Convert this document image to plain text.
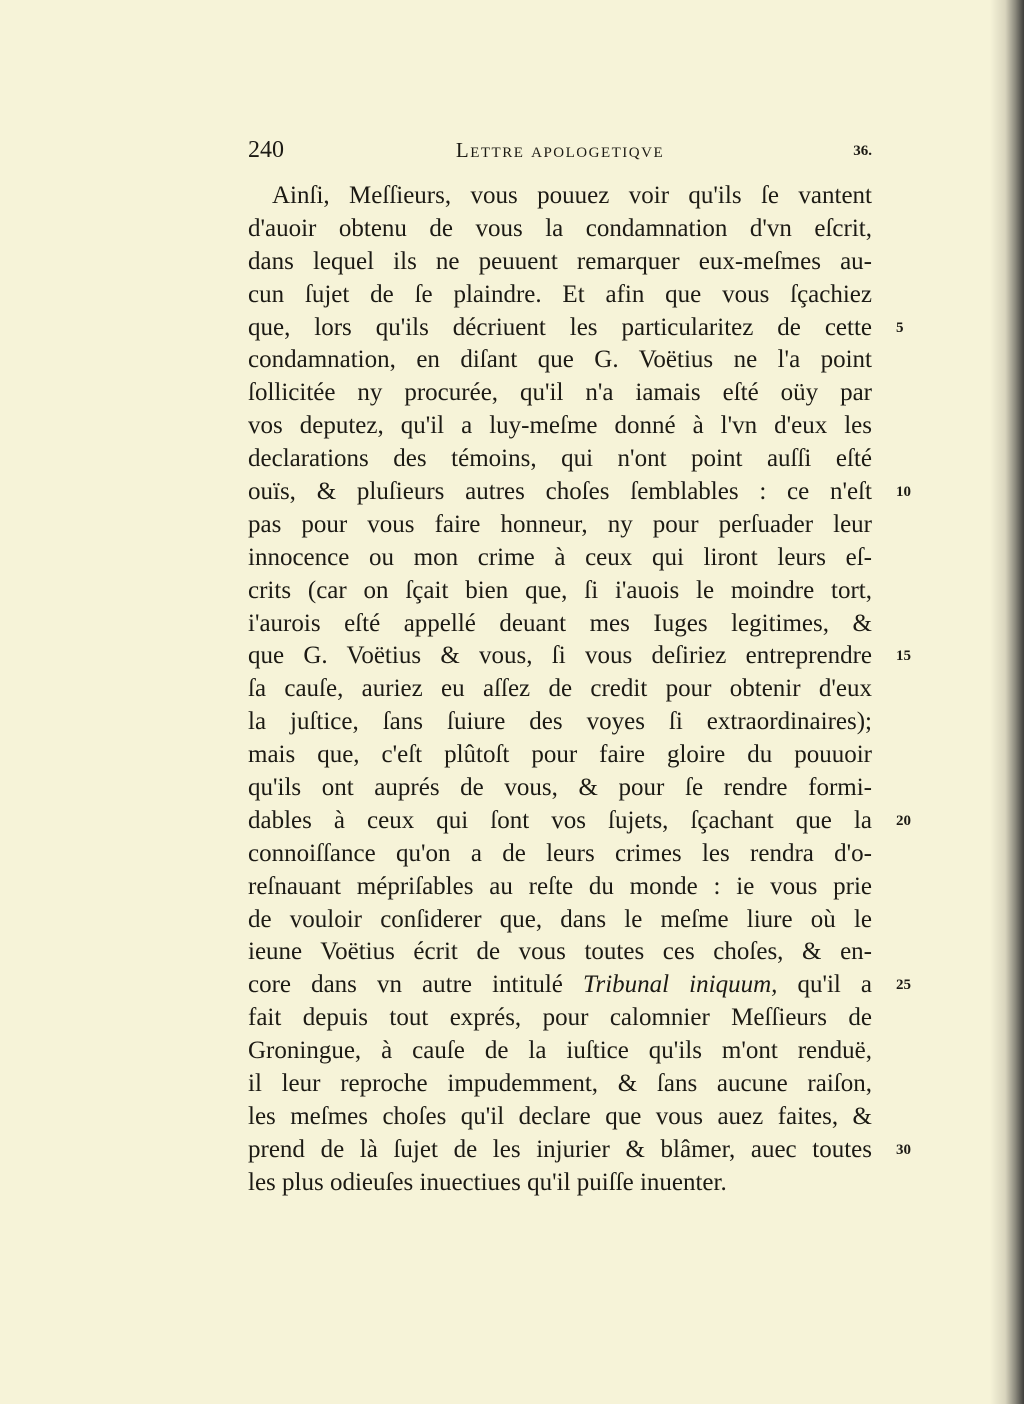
240	Lettre apologetiqve	36.
Ainſi, Meſſieurs, vous pouuez voir qu'ils ſe vantent
d'auoir obtenu de vous la condamnation d'vn eſcrit,
dans lequel ils ne peuuent remarquer eux-meſmes au-
cun ſujet de ſe plaindre. Et afin que vous ſçachiez
que, lors qu'ils décriuent les particularitez de cette 5
condamnation, en diſant que G. Voëtius ne l'a point
ſollicitée ny procurée, qu'il n'a iamais eſté oüy par
vos deputez, qu'il a luy-meſme donné à l'vn d'eux les
declarations des témoins, qui n'ont point auſſi eſté
ouïs, & pluſieurs autres choſes ſemblables : ce n'eſt 10
pas pour vous faire honneur, ny pour perſuader leur
innocence ou mon crime à ceux qui liront leurs eſ-
crits (car on ſçait bien que, ſi i'auois le moindre tort,
i'aurois eſté appellé deuant mes Iuges legitimes, &
que G. Voëtius & vous, ſi vous deſiriez entreprendre 15
ſa cauſe, auriez eu aſſez de credit pour obtenir d'eux
la juſtice, ſans ſuiure des voyes ſi extraordinaires);
mais que, c'eſt plûtoſt pour faire gloire du pouuoir
qu'ils ont auprés de vous, & pour ſe rendre formi-
dables à ceux qui ſont vos ſujets, ſçachant que la 20
connoiſſance qu'on a de leurs crimes les rendra d'o-
reſnauant mépriſables au reſte du monde : ie vous prie
de vouloir conſiderer que, dans le meſme liure où le
ieune Voëtius écrit de vous toutes ces choſes, & en-
core dans vn autre intitulé Tribunal iniquum, qu'il a 25
fait depuis tout exprés, pour calomnier Meſſieurs de
Groningue, à cauſe de la iuſtice qu'ils m'ont renduë,
il leur reproche impudemment, & ſans aucune raiſon,
les meſmes choſes qu'il declare que vous auez faites, &
prend de là ſujet de les injurier & blâmer, auec toutes 30
les plus odieuſes inuectiues qu'il puiſſe inuenter.
